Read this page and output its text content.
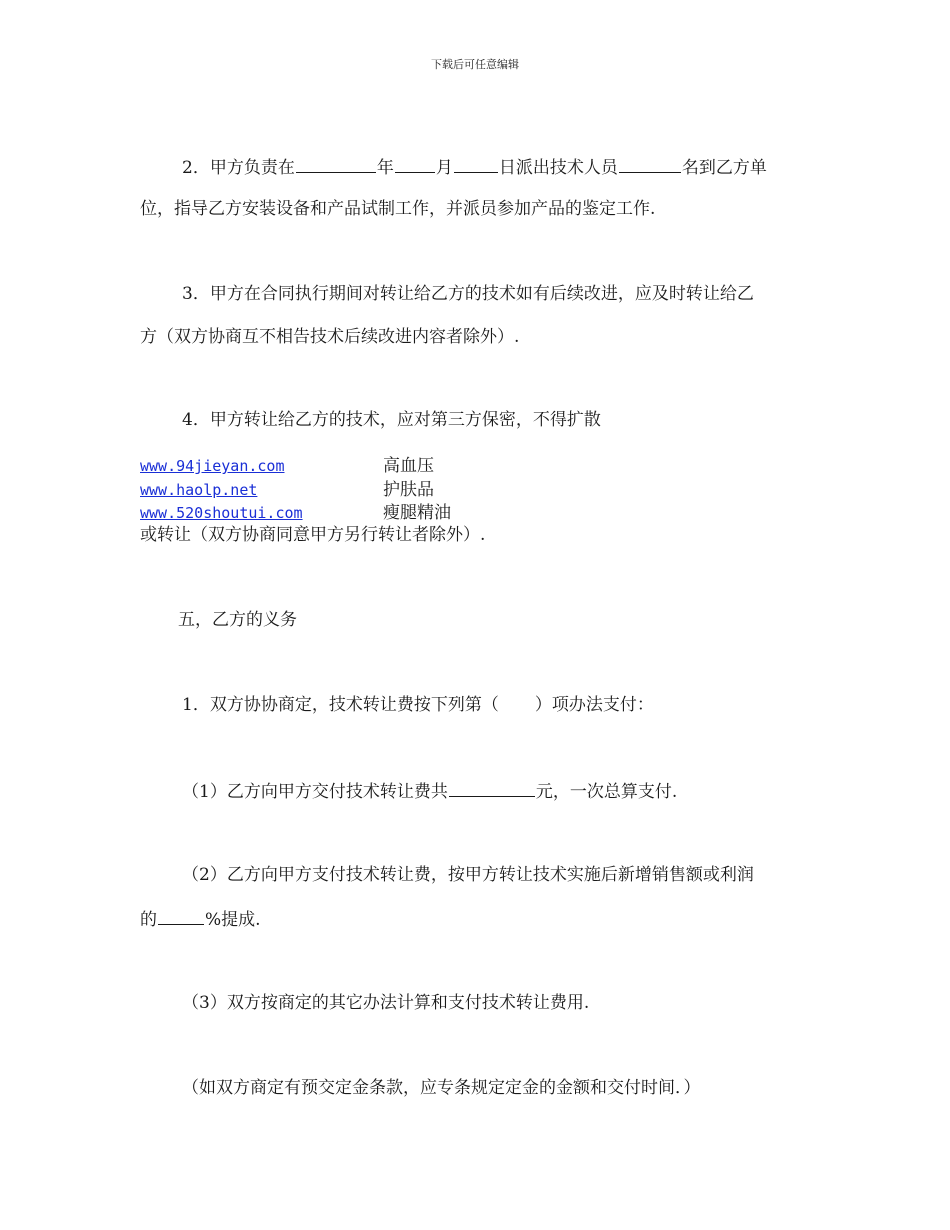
下载后可任意编辑
2．甲方负责在	年 月	日派出技术人员	名到乙方单
位，指导乙方安装设备和产品试制工作，并派员参加产品的鉴定工作.
3．甲方在合同执行期间对转让给乙方的技术如有后续改进，应及时转让给乙
方（双方协商互不相告技术后续改进内容者除外）.
4．甲方转让给乙方的技术，应对第三方保密，不得扩散
www.94jieyan.com	高血压
www.haolp.net	护肤品
www.520shoutui.com	瘦腿精油
或转让（双方协商同意甲方另行转让者除外）.
五，乙方的义务
1．双方协协商定，技术转让费按下列第（ ）项办法支付：
（1）乙方向甲方交付技术转让费共	元，一次总算支付.
（2）乙方向甲方支付技术转让费，按甲方转让技术实施后新增销售额或利润
的	%提成.
（3）双方按商定的其它办法计算和支付技术转让费用.
（如双方商定有预交定金条款，应专条规定定金的金额和交付时间．）
